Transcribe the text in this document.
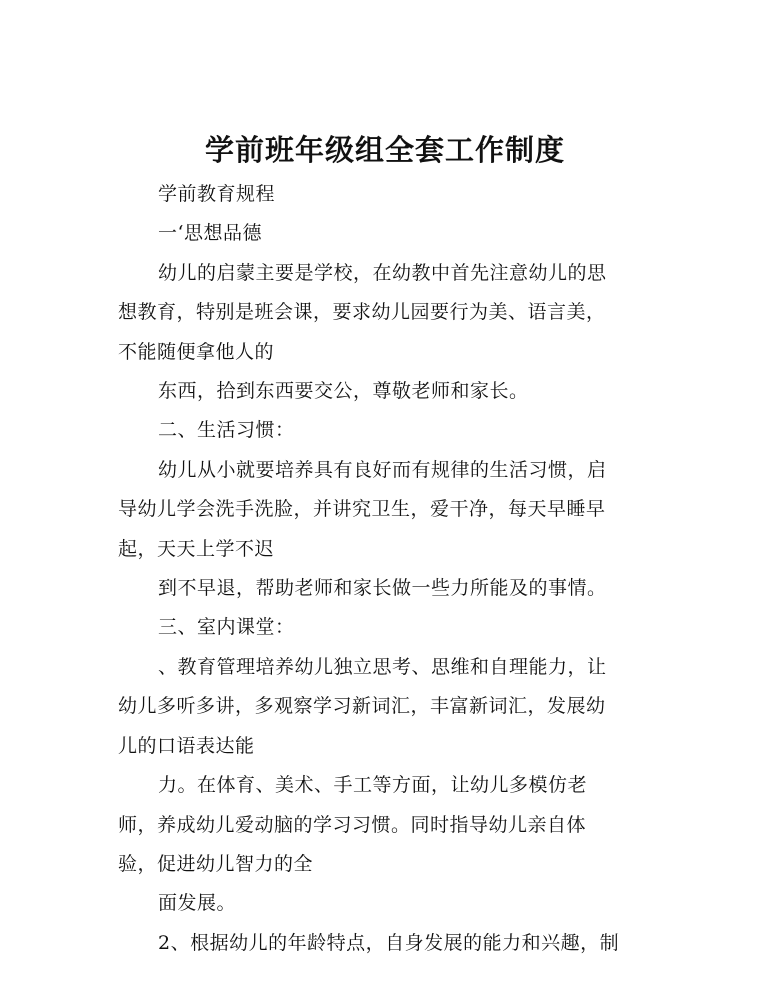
学前班年级组全套工作制度

学前教育规程

一‘思想品德

幼儿的启蒙主要是学校，在幼教中首先注意幼儿的思
想教育，特别是班会课，要求幼儿园要行为美、语言美，
不能随便拿他人的

东西，拾到东西要交公，尊敬老师和家长。

二、生活习惯：

幼儿从小就要培养具有良好而有规律的生活习惯，启
导幼儿学会洗手洗脸，并讲究卫生，爱干净，每天早睡早
起，天天上学不迟

到不早退，帮助老师和家长做一些力所能及的事情。

三、室内课堂：

、教育管理培养幼儿独立思考、思维和自理能力，让
幼儿多听多讲，多观察学习新词汇，丰富新词汇，发展幼
儿的口语表达能

力。在体育、美术、手工等方面，让幼儿多模仿老
师，养成幼儿爱动脑的学习习惯。同时指导幼儿亲自体
验，促进幼儿智力的全

面发展。

2、根据幼儿的年龄特点，自身发展的能力和兴趣，制
